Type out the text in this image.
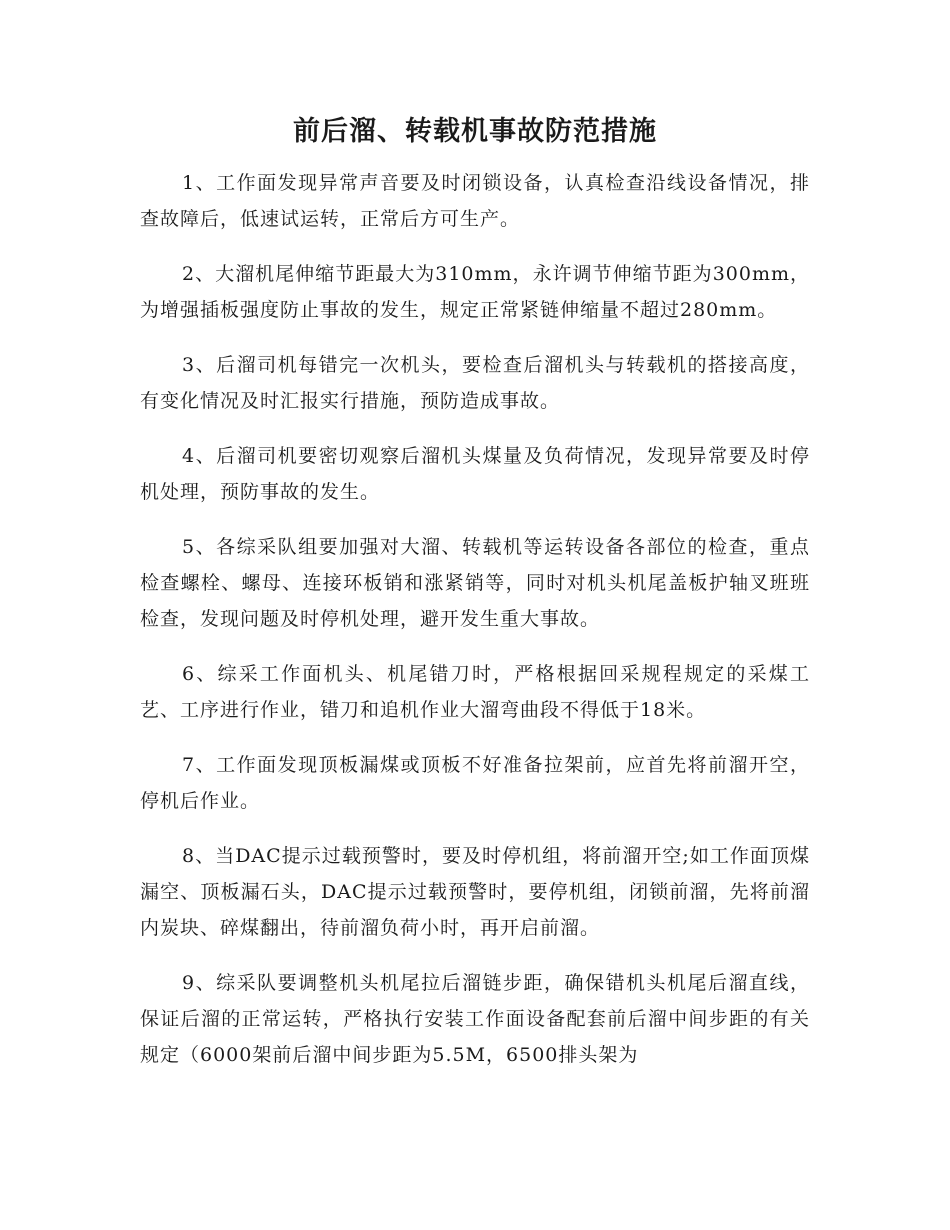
前后溜、转载机事故防范措施

1、工作面发现异常声音要及时闭锁设备，认真检查沿线设备情况，排查故障后，低速试运转，正常后方可生产。

2、大溜机尾伸缩节距最大为310mm，永许调节伸缩节距为300mm，为增强插板强度防止事故的发生，规定正常紧链伸缩量不超过280mm。

3、后溜司机每错完一次机头，要检查后溜机头与转载机的搭接高度，有变化情况及时汇报实行措施，预防造成事故。

4、后溜司机要密切观察后溜机头煤量及负荷情况，发现异常要及时停机处理，预防事故的发生。

5、各综采队组要加强对大溜、转载机等运转设备各部位的检查，重点检查螺栓、螺母、连接环板销和涨紧销等，同时对机头机尾盖板护轴叉班班检查，发现问题及时停机处理，避开发生重大事故。

6、综采工作面机头、机尾错刀时，严格根据回采规程规定的采煤工艺、工序进行作业，错刀和追机作业大溜弯曲段不得低于18米。

7、工作面发现顶板漏煤或顶板不好准备拉架前，应首先将前溜开空，停机后作业。

8、当DAC提示过载预警时，要及时停机组，将前溜开空;如工作面顶煤漏空、顶板漏石头，DAC提示过载预警时，要停机组，闭锁前溜，先将前溜内炭块、碎煤翻出，待前溜负荷小时，再开启前溜。

9、综采队要调整机头机尾拉后溜链步距，确保错机头机尾后溜直线，保证后溜的正常运转，严格执行安装工作面设备配套前后溜中间步距的有关规定（6000架前后溜中间步距为5.5M，6500排头架为
